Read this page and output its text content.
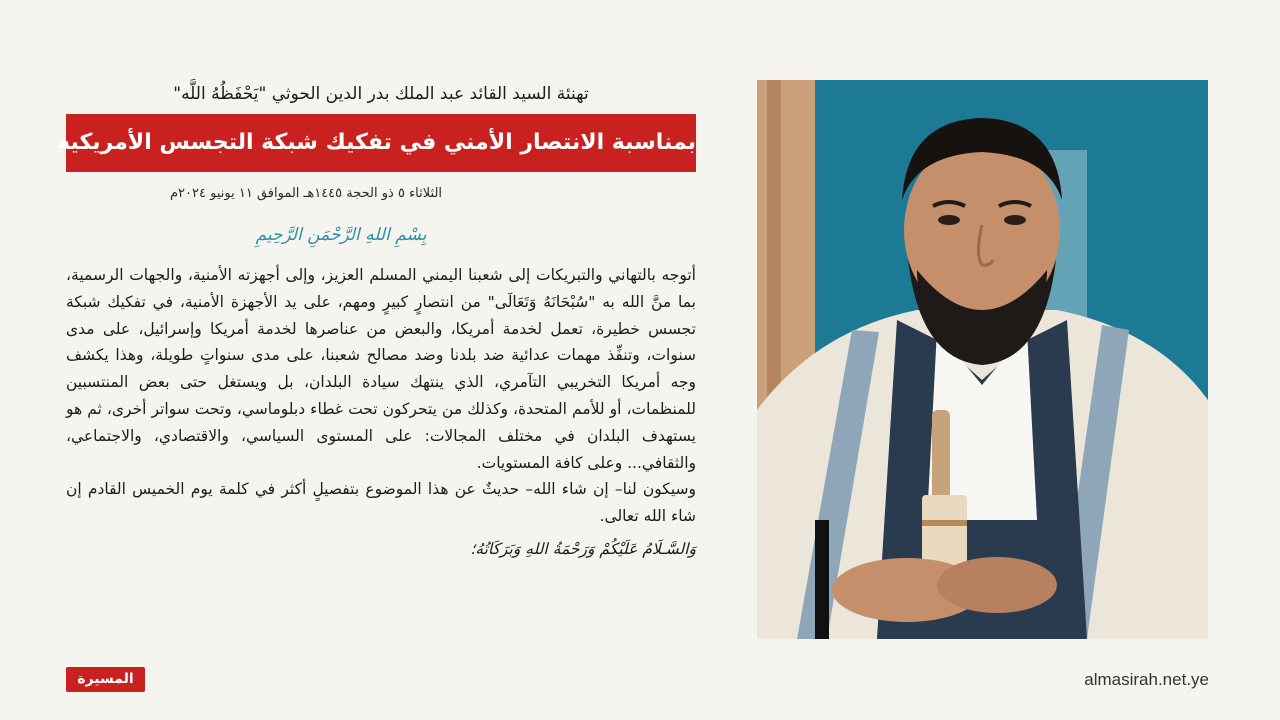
تهنئة السيد القائد عبد الملك بدر الدين الحوثي "يَحْفَظُهُ اللَّه"
بمناسبة الانتصار الأمني في تفكيك شبكة التجسس الأمريكية
الثلاثاء ٥ ذو الحجة ١٤٤٥هـ الموافق ١١ يونيو ٢٠٢٤م
بِسْمِ اللهِ الرَّحْمَنِ الرَّحِيمِ

أتوجه بالتهاني والتبريكات إلى شعبنا اليمني المسلم العزيز، وإلى أجهزته الأمنية، والجهات الرسمية، بما منَّ الله به "سُبْحَانَهُ وَتَعَالَى" من انتصارٍ كبيرٍ ومهم، على يد الأجهزة الأمنية، في تفكيك شبكة تجسس خطيرة، تعمل لخدمة أمريكا، والبعض من عناصرها لخدمة أمريكا وإسرائيل، على مدى سنوات، وتنفِّذ مهمات عدائية ضد بلدنا وضد مصالح شعبنا، على مدى سنواتٍ طويلة، وهذا يكشف وجه أمريكا التخريبي التآمري، الذي ينتهك سيادة البلدان، بل ويستغل حتى بعض المنتسبين للمنظمات، أو للأمم المتحدة، وكذلك من يتحركون تحت غطاء دبلوماسي، وتحت سواتر أخرى، ثم هو يستهدف البلدان في مختلف المجالات: على المستوى السياسي، والاقتصادي، والاجتماعي، والثقافي... وعلى كافة المستويات.

وسيكون لنا– إن شاء الله– حديثٌ عن هذا الموضوع بتفصيلٍ أكثر في كلمة يوم الخميس القادم إن شاء الله تعالى.

وَالسَّـلَامُ عَلَيْكُمْ وَرَحْمَةُ اللهِ وَبَرَكَاتُهُ؛

المسيرة	almasirah.net.ye
